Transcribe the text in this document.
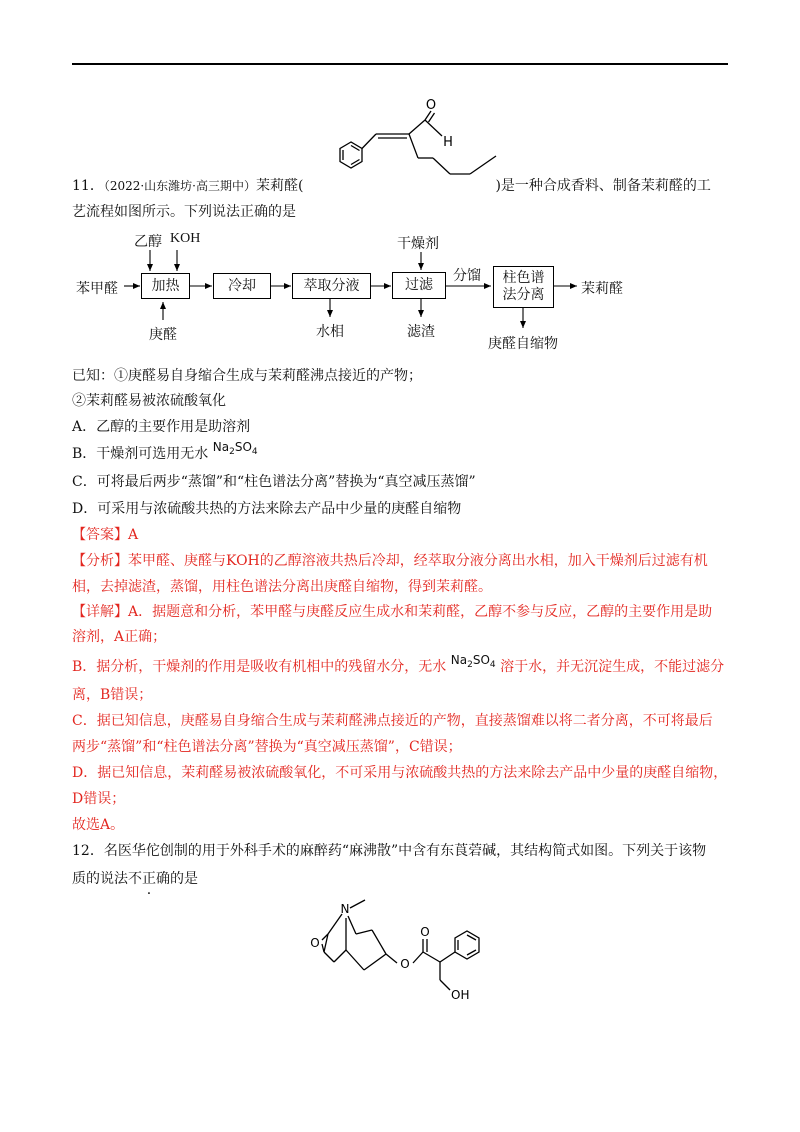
O
H
11．（2022·山东潍坊·高三期中）茉莉醛(	)是一种合成香料、制备茉莉醛的工
艺流程如图所示。下列说法正确的是
苯甲醛
乙醇 KOH
加热
庚醛
冷却	萃取分液
水相
干燥剂
过滤
滤渣
分馏 柱色谱
法分离
庚醛自缩物
茉莉醛
已知：①庚醛易自身缩合生成与茉莉醛沸点接近的产物；
②茉莉醛易被浓硫酸氧化
A．乙醇的主要作用是助溶剂
B．干燥剂可选用无水 $Na_2SO_4$
C．可将最后两步“蒸馏”和“柱色谱法分离”替换为“真空减压蒸馏”
D．可采用与浓硫酸共热的方法来除去产品中少量的庚醛自缩物
【答案】A
【分析】苯甲醛、庚醛与KOH的乙醇溶液共热后冷却，经萃取分液分离出水相，加入干燥剂后过滤有机
相，去掉滤渣，蒸馏，用柱色谱法分离出庚醛自缩物，得到茉莉醛。
【详解】A．据题意和分析，苯甲醛与庚醛反应生成水和茉莉醛，乙醇不参与反应，乙醇的主要作用是助
溶剂，A正确；
B．据分析，干燥剂的作用是吸收有机相中的残留水分，无水 $Na_2SO_4$ 溶于水，并无沉淀生成，不能过滤分
离，B错误；
C．据已知信息，庚醛易自身缩合生成与茉莉醛沸点接近的产物，直接蒸馏难以将二者分离，不可将最后
两步“蒸馏”和“柱色谱法分离”替换为“真空减压蒸馏”，C错误；
D．据已知信息，茉莉醛易被浓硫酸氧化，不可采用与浓硫酸共热的方法来除去产品中少量的庚醛自缩物，
D错误；
故选A。
12．名医华佗创制的用于外科手术的麻醉药“麻沸散”中含有东莨菪碱，其结构简式如图。下列关于该物
质的说法不正确的是
N
O
O
O
OH
